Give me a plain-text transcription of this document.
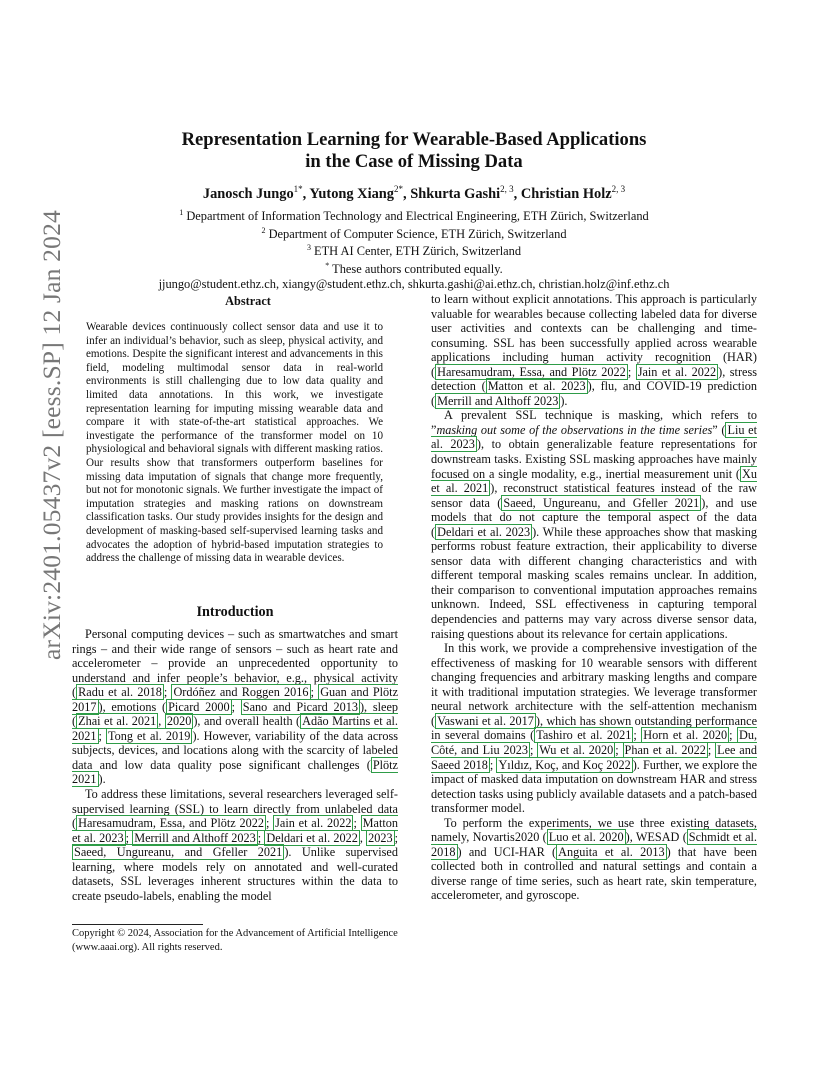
arXiv:2401.05437v2 [eess.SP] 12 Jan 2024
Representation Learning for Wearable-Based Applications
in the Case of Missing Data
Janosch Jungo$^{1*}$, Yutong Xiang$^{2*}$, Shkurta Gashi$^{2, 3}$, Christian Holz$^{2, 3}$
$^1$ Department of Information Technology and Electrical Engineering, ETH Zürich, Switzerland
$^2$ Department of Computer Science, ETH Zürich, Switzerland
$^3$ ETH AI Center, ETH Zürich, Switzerland
* These authors contributed equally.
jjungo@student.ethz.ch, xiangy@student.ethz.ch, shkurta.gashi@ai.ethz.ch, christian.holz@inf.ethz.ch
Abstract
Wearable devices continuously collect sensor data and use it to infer an individual’s behavior, such as sleep, physical activity, and emotions. Despite the significant interest and advancements in this field, modeling multimodal sensor data in real-world environments is still challenging due to low data quality and limited data annotations. In this work, we investigate representation learning for imputing missing wearable data and compare it with state-of-the-art statistical approaches. We investigate the performance of the transformer model on 10 physiological and behavioral signals with different masking ratios. Our results show that transformers outperform baselines for missing data imputation of signals that change more frequently, but not for monotonic signals. We further investigate the impact of imputation strategies and masking rations on downstream classification tasks. Our study provides insights for the design and development of masking-based self-supervised learning tasks and advocates the adoption of hybrid-based imputation strategies to address the challenge of missing data in wearable devices.
Introduction

Personal computing devices – such as smartwatches and smart rings – and their wide range of sensors – such as heart rate and accelerometer – provide an unprecedented opportunity to understand and infer people’s behavior, e.g., physical activity ( Radu et al. 2018 ; Ordóñez and Roggen 2016 ; Guan and Plötz 2017 ), emotions ( Picard 2000 ; Sano and Picard 2013 ), sleep ( Zhai et al. 2021 , 2020 ), and overall health ( Adão Martins et al. 2021 ; Tong et al. 2019 ). However, variability of the data across subjects, devices, and locations along with the scarcity of labeled data and low data quality pose significant challenges ( Plötz 2021 ).

To address these limitations, several researchers leveraged self-supervised learning (SSL) to learn directly from unlabeled data ( Haresamudram, Essa, and Plötz 2022 ; Jain et al. 2022 ; Matton et al. 2023 ; Merrill and Althoff 2023 ; Deldari et al. 2022 , 2023 ; Saeed, Ungureanu, and Gfeller 2021 ). Unlike supervised learning, where models rely on annotated and well-curated datasets, SSL leverages inherent structures within the data to create pseudo-labels, enabling the model

Copyright © 2024, Association for the Advancement of Artificial Intelligence (www.aaai.org). All rights reserved.

to learn without explicit annotations. This approach is particularly valuable for wearables because collecting labeled data for diverse user activities and contexts can be challenging and time-consuming. SSL has been successfully applied across wearable applications including human activity recognition (HAR) ( Haresamudram, Essa, and Plötz 2022 ; Jain et al. 2022 ), stress detection ( Matton et al. 2023 ), flu, and COVID-19 prediction ( Merrill and Althoff 2023 ).

A prevalent SSL technique is masking, which refers to ”masking out some of the observations in the time series” ( Liu et al. 2023 ), to obtain generalizable feature representations for downstream tasks. Existing SSL masking approaches have mainly focused on a single modality, e.g., inertial measurement unit ( Xu et al. 2021 ), reconstruct statistical features instead of the raw sensor data ( Saeed, Ungureanu, and Gfeller 2021 ), and use models that do not capture the temporal aspect of the data ( Deldari et al. 2023 ). While these approaches show that masking performs robust feature extraction, their applicability to diverse sensor data with different changing characteristics and with different temporal masking scales remains unclear. In addition, their comparison to conventional imputation approaches remains unknown. Indeed, SSL effectiveness in capturing temporal dependencies and patterns may vary across diverse sensor data, raising questions about its relevance for certain applications.

In this work, we provide a comprehensive investigation of the effectiveness of masking for 10 wearable sensors with different changing frequencies and arbitrary masking lengths and compare it with traditional imputation strategies. We leverage transformer neural network architecture with the self-attention mechanism ( Vaswani et al. 2017 ), which has shown outstanding performance in several domains ( Tashiro et al. 2021 ; Horn et al. 2020 ; Du, Côté, and Liu 2023 ; Wu et al. 2020 ; Phan et al. 2022 ; Lee and Saeed 2018 ; Yıldız, Koç, and Koç 2022 ). Further, we explore the impact of masked data imputation on downstream HAR and stress detection tasks using publicly available datasets and a patch-based transformer model.

To perform the experiments, we use three existing datasets, namely, Novartis2020 ( Luo et al. 2020 ), WESAD ( Schmidt et al. 2018 ) and UCI-HAR ( Anguita et al. 2013 ) that have been collected both in controlled and natural settings and contain a diverse range of time series, such as heart rate, skin temperature, accelerometer, and gyroscope.
